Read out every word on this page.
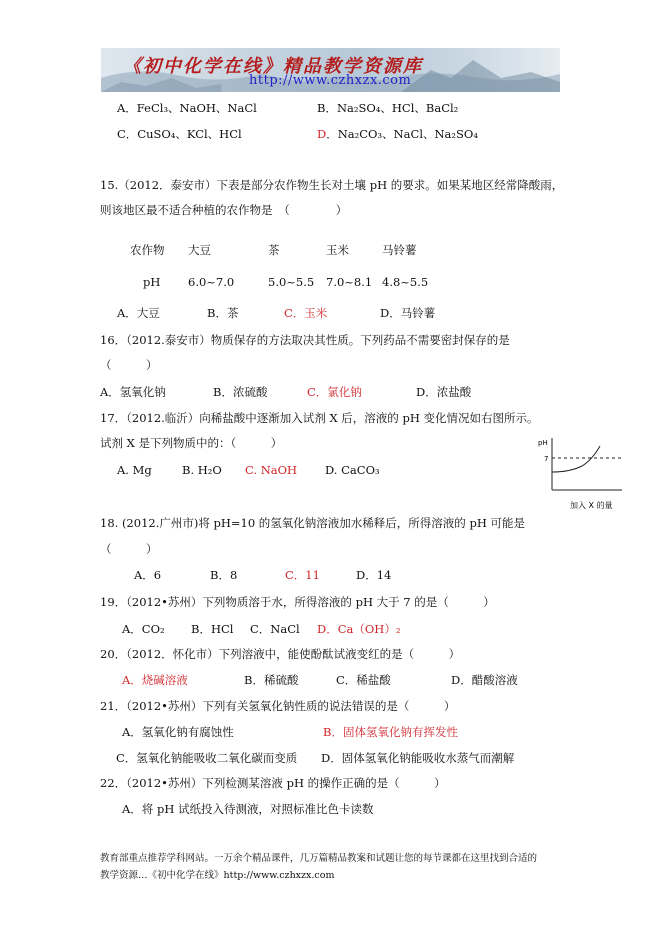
《初中化学在线》精品教学资源库
http://www.czhxzx.com
A．FeCl₃、NaOH、NaCl	B．Na₂SO₄、HCl、BaCl₂
C．CuSO₄、KCl、HCl	D．Na₂CO₃、NaCl、Na₂SO₄
15.（2012．泰安市）下表是部分农作物生长对土壤 pH 的要求。如果某地区经常降酸雨，
则该地区最不适合种植的农作物是　（　　　　）
农作物	大豆	茶	玉米	马铃薯
pH	6.0~7.0	5.0~5.5	7.0~8.1	4.8~5.5
A．大豆	B．茶	C．玉米	D．马铃薯
16．（2012.泰安市）物质保存的方法取决其性质。下列药品不需要密封保存的是
（　　　）
A．氢氧化钠	B．浓硫酸	C．氯化钠	D．浓盐酸
17．（2012.临沂）向稀盐酸中逐渐加入试剂 X 后，溶液的 pH 变化情况如右图所示。
试剂 X 是下列物质中的：（　　　）
A. Mg	B. H₂O C. NaOH D. CaCO₃
pH
7
加入 X 的量
18. (2012.广州市)将 pH=10 的氢氧化钠溶液加水稀释后，所得溶液的 pH 可能是
（　　　）
A．6	B．8	C．11	D．14
19．（2012•苏州）下列物质溶于水，所得溶液的 pH 大于 7 的是（　　　）
A．CO₂ B．HCl C．NaCl D．Ca（OH）₂
20．（2012．怀化市）下列溶液中，能使酚酞试液变红的是（　　　）
A．烧碱溶液	B．稀硫酸	C．稀盐酸	D．醋酸溶液
21．（2012•苏州）下列有关氢氧化钠性质的说法错误的是（　　　）
A．氢氧化钠有腐蚀性	B．固体氢氧化钠有挥发性
C．氢氧化钠能吸收二氧化碳而变质 D．固体氢氧化钠能吸收水蒸气而潮解
22．（2012•苏州）下列检测某溶液 pH 的操作正确的是（　　　）
A．将 pH 试纸投入待测液，对照标准比色卡读数
教育部重点推荐学科网站。一万余个精品课件，几万篇精品教案和试题让您的每节课都在这里找到合适的
教学资源…《初中化学在线》http://www.czhxzx.com
